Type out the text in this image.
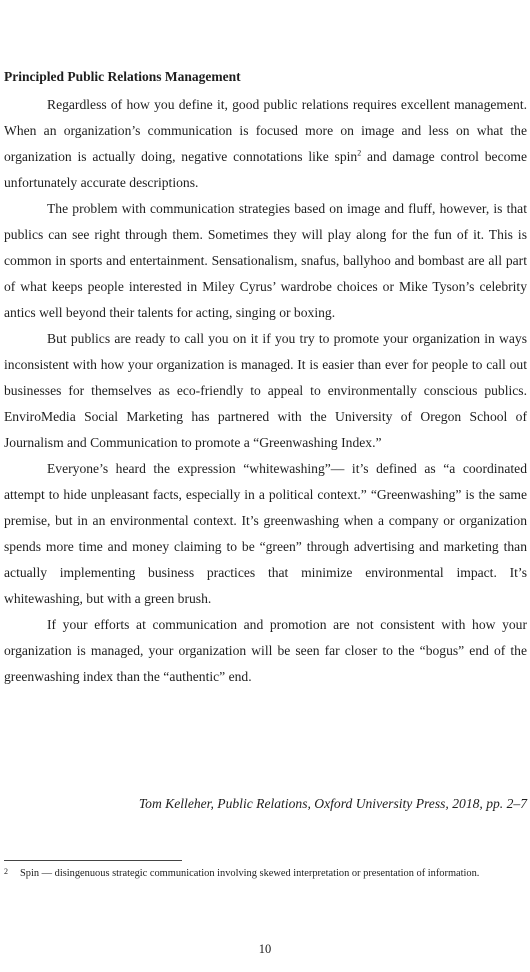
Principled Public Relations Management

Regardless of how you define it, good public relations requires excellent management. When an organization’s communication is focused more on image and less on what the organization is actually doing, negative connotations like spin$^2$ and damage control become unfortunately accurate descriptions.

The problem with communication strategies based on image and fluff, however, is that publics can see right through them. Sometimes they will play along for the fun of it. This is common in sports and entertainment. Sensationalism, snafus, ballyhoo and bombast are all part of what keeps people interested in Miley Cyrus’ wardrobe choices or Mike Tyson’s celebrity antics well beyond their talents for acting, singing or boxing.

But publics are ready to call you on it if you try to promote your organization in ways inconsistent with how your organization is managed. It is easier than ever for people to call out businesses for themselves as eco-friendly to appeal to environmentally conscious publics. EnviroMedia Social Marketing has partnered with the University of Oregon School of Journalism and Communication to promote a “Greenwashing Index.”

Everyone’s heard the expression “whitewashing”— it’s defined as “a coordinated attempt to hide unpleasant facts, especially in a political context.” “Greenwashing” is the same premise, but in an environmental context. It’s greenwashing when a company or organization spends more time and money claiming to be “green” through advertising and marketing than actually implementing business practices that minimize environmental impact. It’s whitewashing, but with a green brush.

If your efforts at communication and promotion are not consistent with how your organization is managed, your organization will be seen far closer to the “bogus” end of the greenwashing index than the “authentic” end.

Tom Kelleher, Public Relations, Oxford University Press, 2018, pp. 2–7

2	Spin — disingenuous strategic communication involving skewed interpretation or presentation of information.
10
